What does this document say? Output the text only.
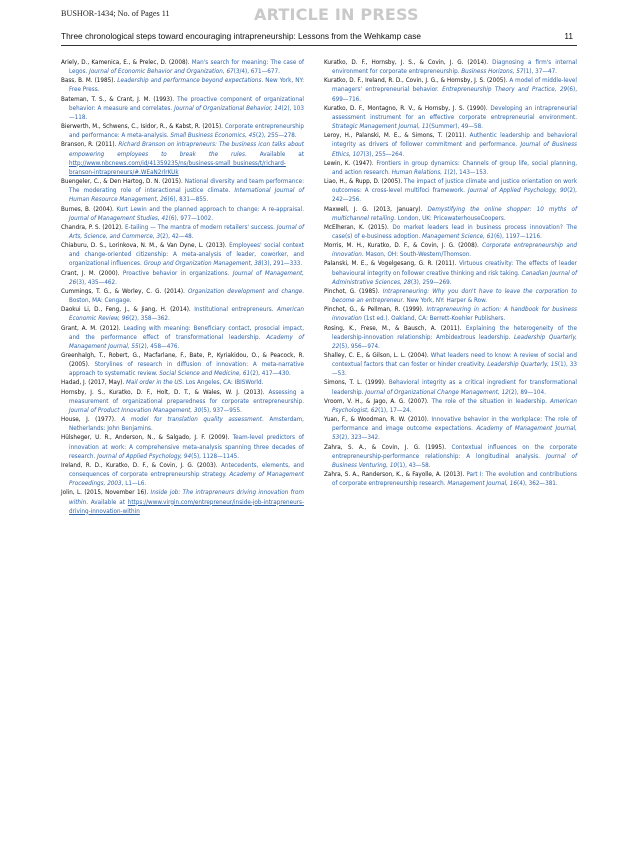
BUSHOR-1434; No. of Pages 11	ARTICLE IN PRESS
Three chronological steps toward encouraging intrapreneurship: Lessons from the Wehkamp case	11

Ariely, D., Kamenica, E., & Prelec, D. (2008). Man's search for meaning: The case of Legos. Journal of Economic Behavior and Organization, 67(3/4), 671—677.

Bass, B. M. (1985). Leadership and performance beyond expectations. New York, NY: Free Press.

Bateman, T. S., & Crant, J. M. (1993). The proactive component of organizational behavior: A measure and correlates. Journal of Organizational Behavior, 14(2), 103—118.

Bierwerth, M., Schwens, C., Isidor, R., & Kabst, R. (2015). Corporate entrepreneurship and performance: A meta-analysis. Small Business Economics, 45(2), 255—278.

Branson, R. (2011). Richard Branson on intrapreneurs: The business icon talks about empowering employees to break the rules. Available at http://www.nbcnews.com/id/41359235/ns/business-small_business/t/richard-branson-intrapreneurs/#.WEaN2rlrKUk

Buengeler, C., & Den Hartog, D. N. (2015). National diversity and team performance: The moderating role of interactional justice climate. International Journal of Human Resource Management, 26(6), 831—855.

Burnes, B. (2004). Kurt Lewin and the planned approach to change: A re-appraisal. Journal of Management Studies, 41(6), 977—1002.

Chandra, P. S. (2012). E-tailing — The mantra of modern retailers' success. Journal of Arts, Science, and Commerce, 3(2), 42—48.

Chiaburu, D. S., Lorinkova, N. M., & Van Dyne, L. (2013). Employees' social context and change-oriented citizenship: A meta-analysis of leader, coworker, and organizational influences. Group and Organization Management, 38(3), 291—333.

Crant, J. M. (2000). Proactive behavior in organizations. Journal of Management, 26(3), 435—462.

Cummings, T. G., & Worley, C. G. (2014). Organization development and change. Boston, MA: Cengage.

Daokui Li, D., Feng, J., & Jiang, H. (2014). Institutional entrepreneurs. American Economic Review, 96(2), 358—362.

Grant, A. M. (2012). Leading with meaning: Beneficiary contact, prosocial impact, and the performance effect of transformational leadership. Academy of Management Journal, 55(2), 458—476.

Greenhalgh, T., Robert, G., Macfarlane, F., Bate, P., Kyriakidou, O., & Peacock, R. (2005). Storylines of research in diffusion of innovation: A meta-narrative approach to systematic review. Social Science and Medicine, 61(2), 417—430.

Hadad, J. (2017, May). Mail order in the US. Los Angeles, CA: IBISWorld.

Hornsby, J. S., Kuratko, D. F., Holt, D. T., & Wales, W. J. (2013). Assessing a measurement of organizational preparedness for corporate entrepreneurship. Journal of Product Innovation Management, 30(5), 937—955.

House, J. (1977). A model for translation quality assessment. Amsterdam, Netherlands: John Benjamins.

Hülsheger, U. R., Anderson, N., & Salgado, J. F. (2009). Team-level predictors of innovation at work: A comprehensive meta-analysis spanning three decades of research. Journal of Applied Psychology, 94(5), 1128—1145.

Ireland, R. D., Kuratko, D. F., & Covin, J. G. (2003). Antecedents, elements, and consequences of corporate entrepreneurship strategy. Academy of Management Proceedings, 2003, L1—L6.

Jolin, L. (2015, November 16). Inside job: The intrapreneurs driving innovation from within. Available at https://www.virgin.com/entrepreneur/inside-job-intrapreneurs-driving-innovation-within

Kuratko, D. F., Hornsby, J. S., & Covin, J. G. (2014). Diagnosing a firm's internal environment for corporate entrepreneurship. Business Horizons, 57(1), 37—47.

Kuratko, D. F., Ireland, R. D., Covin, J. G., & Hornsby, J. S. (2005). A model of middle-level managers' entrepreneurial behavior. Entrepreneurship Theory and Practice, 29(6), 699—716.

Kuratko, D. F., Montagno, R. V., & Hornsby, J. S. (1990). Developing an intrapreneurial assessment instrument for an effective corporate entrepreneurial environment. Strategic Management Journal, 11(Summer), 49—58.

Leroy, H., Palanski, M. E., & Simons, T. (2011). Authentic leadership and behavioral integrity as drivers of follower commitment and performance. Journal of Business Ethics, 107(3), 255—264.

Lewin, K. (1947). Frontiers in group dynamics: Channels of group life, social planning, and action research. Human Relations, 1(2), 143—153.

Liao, H., & Rupp, D. (2005). The impact of justice climate and justice orientation on work outcomes: A cross-level multifoci framework. Journal of Applied Psychology, 90(2), 242—256.

Maxwell, J. G. (2013, January). Demystifying the online shopper: 10 myths of multichannel retailing. London, UK: PricewaterhouseCoopers.

McElheran, K. (2015). Do market leaders lead in business process innovation? The case(s) of e-business adoption. Management Science, 61(6), 1197—1216.

Morris, M. H., Kuratko, D. F., & Covin, J. G. (2008). Corporate entrepreneurship and innovation. Mason, OH: South-Western/Thomson.

Palanski, M. E., & Vogelgesang, G. R. (2011). Virtuous creativity: The effects of leader behavioural integrity on follower creative thinking and risk taking. Canadian Journal of Administrative Sciences, 28(3), 259—269.

Pinchot, G. (1985). Intrapreneuring: Why you don't have to leave the corporation to become an entrepreneur. New York, NY: Harper & Row.

Pinchot, G., & Pellman, R. (1999). Intrapreneuring in action: A handbook for business innovation (1st ed.). Oakland, CA: Berrett-Koehler Publishers.

Rosing, K., Frese, M., & Bausch, A. (2011). Explaining the heterogeneity of the leadership-innovation relationship: Ambidextrous leadership. Leadership Quarterly, 22(5), 956—974.

Shalley, C. E., & Gilson, L. L. (2004). What leaders need to know: A review of social and contextual factors that can foster or hinder creativity. Leadership Quarterly, 15(1), 33—53.

Simons, T. L. (1999). Behavioral integrity as a critical ingredient for transformational leadership. Journal of Organizational Change Management, 12(2), 89—104.

Vroom, V. H., & Jago, A. G. (2007). The role of the situation in leadership. American Psychologist, 62(1), 17—24.

Yuan, F., & Woodman, R. W. (2010). Innovative behavior in the workplace: The role of performance and image outcome expectations. Academy of Management Journal, 53(2), 323—342.

Zahra, S. A., & Covin, J. G. (1995). Contextual influences on the corporate entrepreneurship-performance relationship: A longitudinal analysis. Journal of Business Venturing, 10(1), 43—58.

Zahra, S. A., Randerson, K., & Fayolle, A. (2013). Part I: The evolution and contributions of corporate entrepreneurship research. Management Journal, 16(4), 362—381.
